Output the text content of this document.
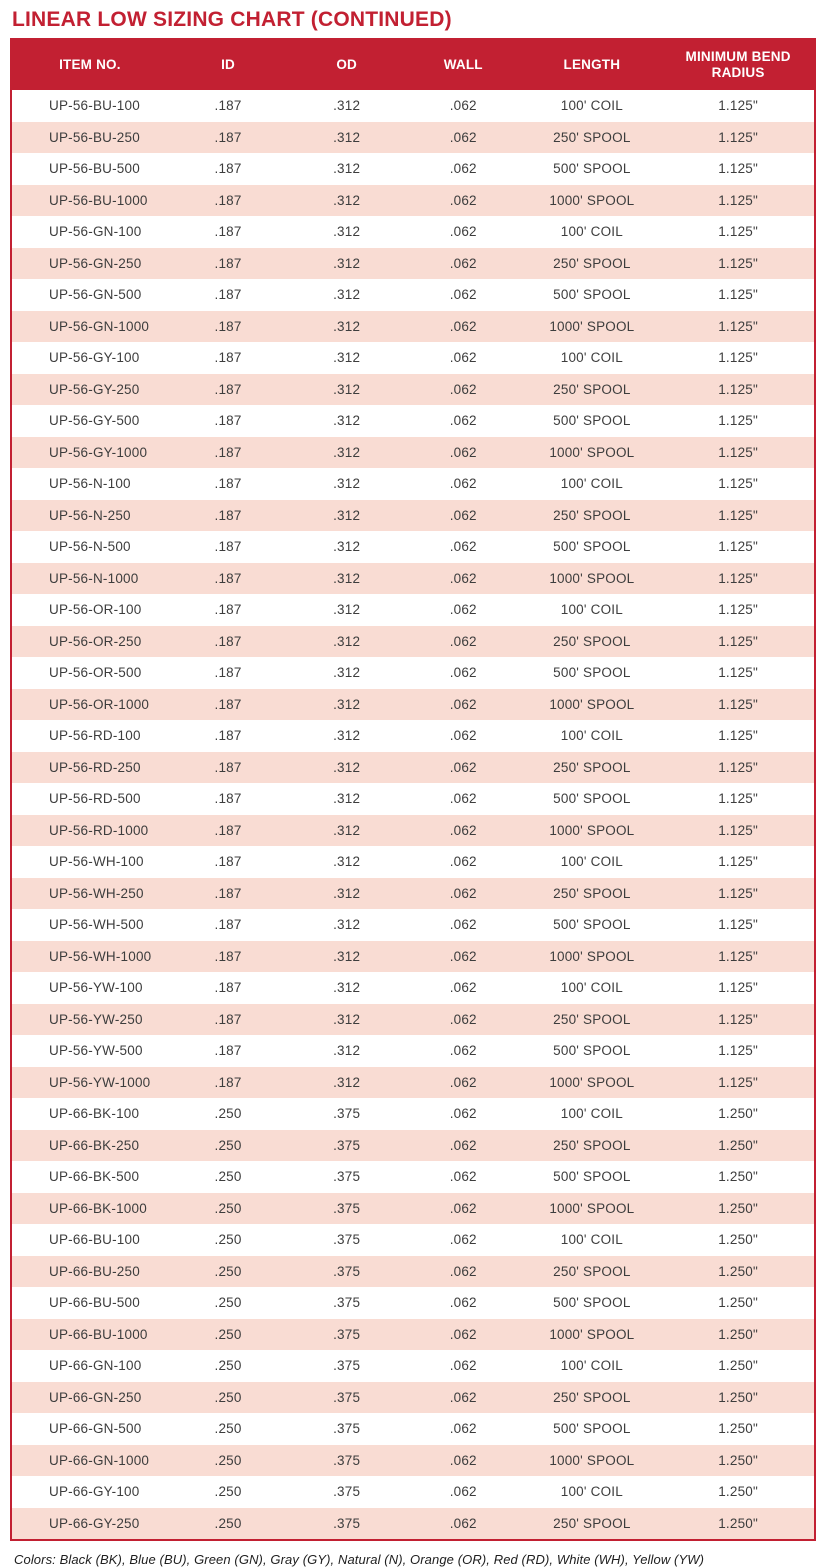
LINEAR LOW SIZING CHART (CONTINUED)
ITEM NO.	ID	OD	WALL	LENGTH	MINIMUM BEND RADIUS
UP-56-BU-100	.187	.312	.062	100' COIL	1.125"
UP-56-BU-250	.187	.312	.062	250' SPOOL	1.125"
UP-56-BU-500	.187	.312	.062	500' SPOOL	1.125"
UP-56-BU-1000	.187	.312	.062	1000' SPOOL	1.125"
UP-56-GN-100	.187	.312	.062	100' COIL	1.125"
UP-56-GN-250	.187	.312	.062	250' SPOOL	1.125"
UP-56-GN-500	.187	.312	.062	500' SPOOL	1.125"
UP-56-GN-1000	.187	.312	.062	1000' SPOOL	1.125"
UP-56-GY-100	.187	.312	.062	100' COIL	1.125"
UP-56-GY-250	.187	.312	.062	250' SPOOL	1.125"
UP-56-GY-500	.187	.312	.062	500' SPOOL	1.125"
UP-56-GY-1000	.187	.312	.062	1000' SPOOL	1.125"
UP-56-N-100	.187	.312	.062	100' COIL	1.125"
UP-56-N-250	.187	.312	.062	250' SPOOL	1.125"
UP-56-N-500	.187	.312	.062	500' SPOOL	1.125"
UP-56-N-1000	.187	.312	.062	1000' SPOOL	1.125"
UP-56-OR-100	.187	.312	.062	100' COIL	1.125"
UP-56-OR-250	.187	.312	.062	250' SPOOL	1.125"
UP-56-OR-500	.187	.312	.062	500' SPOOL	1.125"
UP-56-OR-1000	.187	.312	.062	1000' SPOOL	1.125"
UP-56-RD-100	.187	.312	.062	100' COIL	1.125"
UP-56-RD-250	.187	.312	.062	250' SPOOL	1.125"
UP-56-RD-500	.187	.312	.062	500' SPOOL	1.125"
UP-56-RD-1000	.187	.312	.062	1000' SPOOL	1.125"
UP-56-WH-100	.187	.312	.062	100' COIL	1.125"
UP-56-WH-250	.187	.312	.062	250' SPOOL	1.125"
UP-56-WH-500	.187	.312	.062	500' SPOOL	1.125"
UP-56-WH-1000	.187	.312	.062	1000' SPOOL	1.125"
UP-56-YW-100	.187	.312	.062	100' COIL	1.125"
UP-56-YW-250	.187	.312	.062	250' SPOOL	1.125"
UP-56-YW-500	.187	.312	.062	500' SPOOL	1.125"
UP-56-YW-1000	.187	.312	.062	1000' SPOOL	1.125"
UP-66-BK-100	.250	.375	.062	100' COIL	1.250"
UP-66-BK-250	.250	.375	.062	250' SPOOL	1.250"
UP-66-BK-500	.250	.375	.062	500' SPOOL	1.250"
UP-66-BK-1000	.250	.375	.062	1000' SPOOL	1.250"
UP-66-BU-100	.250	.375	.062	100' COIL	1.250"
UP-66-BU-250	.250	.375	.062	250' SPOOL	1.250"
UP-66-BU-500	.250	.375	.062	500' SPOOL	1.250"
UP-66-BU-1000	.250	.375	.062	1000' SPOOL	1.250"
UP-66-GN-100	.250	.375	.062	100' COIL	1.250"
UP-66-GN-250	.250	.375	.062	250' SPOOL	1.250"
UP-66-GN-500	.250	.375	.062	500' SPOOL	1.250"
UP-66-GN-1000	.250	.375	.062	1000' SPOOL	1.250"
UP-66-GY-100	.250	.375	.062	100' COIL	1.250"
UP-66-GY-250	.250	.375	.062	250' SPOOL	1.250"

Colors: Black (BK), Blue (BU), Green (GN), Gray (GY), Natural (N), Orange (OR), Red (RD), White (WH), Yellow (YW)
